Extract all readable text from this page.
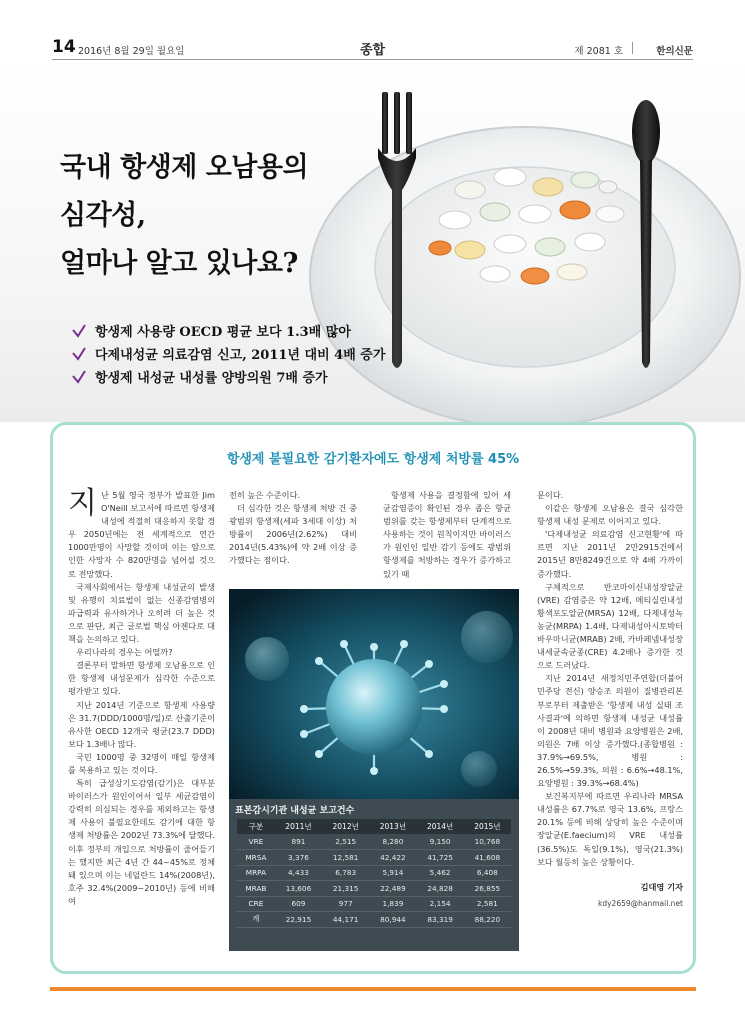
14 2016년 8월 29일 월요일	종합	제 2081 호	한의신문
국내 항생제 오남용의
심각성,
얼마나 알고 있나요?
항생제 사용량 OECD 평균 보다 1.3배 많아
다제내성균 의료감염 신고, 2011년 대비 4배 증가
항생제 내성균 내성률 양방의원 7배 증가
항생제 불필요한 감기환자에도 항생제 처방률 45%

지난 5월 영국 정부가 발표한 Jim O'Neill 보고서에 따르면 항생제 내성에 적절히 대응하지 못할 경우 2050년에는 전 세계적으로 연간 1000만명이 사망할 것이며 이는 암으로 인한 사망자 수 820만명을 넘어설 것으로 전망했다.

국제사회에서는 항생제 내성균의 발생 및 유행이 치료법이 없는 신종감염병의 파급력과 유사하거나 오히려 더 높은 것으로 판단, 최근 글로벌 핵심 아젠다로 대책을 논의하고 있다.

우리나라의 경우는 어떨까?

결론부터 말하면 항생제 오남용으로 인한 항생제 내성문제가 심각한 수준으로 평가받고 있다.

지난 2014년 기준으로 항생제 사용량은 31.7(DDD/1000명/일)로 산출기준이 유사한 OECD 12개국 평균(23.7 DDD) 보다 1.3배나 많다.

국민 1000명 중 32명이 매일 항생제를 복용하고 있는 것이다.

특히 급성상기도감염(감기)은 대부분 바이러스가 원인이어서 일부 세균감염이 강력히 의심되는 경우를 제외하고는 항생제 사용이 불필요한데도 감기에 대한 항생제 처방률은 2002년 73.3%에 달했다. 이후 정부의 개입으로 처방률이 줄어들기는 했지만 최근 4년 간 44~45%로 정체돼 있으며 이는 네덜란드 14%(2008년), 호주 32.4%(2009~2010년) 등에 비해 여

전히 높은 수준이다.

더 심각한 것은 항생제 처방 건 중 광범위 항생제(세파 3세대 이상) 처방률이 2006년(2.62%) 대비 2014년(5.43%)에 약 2배 이상 증가했다는 점이다.

항생제 사용을 결정함에 있어 세균감염증이 확인된 경우 좁은 항균범위를 갖는 항생제부터 단계적으로 사용하는 것이 원칙이지만 바이러스가 원인인 일반 감기 등에도 광범위 항생제를 처방하는 경우가 증가하고 있기 때

문이다.

이같은 항생제 오남용은 결국 심각한 항생제 내성 문제로 이어지고 있다.

'다제내성균 의료감염 신고현황'에 따르면 지난 2011년 2만2915건에서 2015년 8만8249건으로 약 4배 가까이 증가했다.

구체적으로 반코마이신내성장알균(VRE) 감염증은 약 12배, 메티실린내성황색포도알균(MRSA) 12배, 다제내성녹농균(MRPA) 1.4배, 다제내성아시토박터바우마니균(MRAB) 2배, 카바페넴내성장내세균속균종(CRE) 4.2배나 증가한 것으로 드러났다.

지난 2014년 새정치민주연합(더불어민주당 전신) 양승조 의원이 질병관리본부로부터 제출받은 '항생제 내성 실태 조사결과'에 의하면 항생제 내성균 내성률이 2008년 대비 병원과 요양병원은 2배, 의원은 7배 이상 증가했다.(종합병원 : 37.9%→69.5%, 병원 : 26.5%→59.3%, 의원 : 6.6%→48.1%, 요양병원 : 39.3%→68.4%)

보건복지부에 따르면 우리나라 MRSA 내성률은 67.7%로 영국 13.6%, 프랑스 20.1% 등에 비해 상당히 높은 수준이며 장알균(E.faecium)의 VRE 내성률(36.5%)도 독일(9.1%), 영국(21.3%) 보다 월등히 높은 상황이다.

김대영 기자
kdy2659@hanmail.net
표본감시기관 내성균 보고건수
구분	2011년	2012년	2013년	2014년	2015년
VRE	891	2,515	8,280	9,150	10,768
MRSA	3,376	12,581	42,422	41,725	41,608
MRPA	4,433	6,783	5,914	5,462	6,408
MRAB	13,606	21,315	22,489	24,828	26,855
CRE	609	977	1,839	2,154	2,581
계	22,915	44,171	80,944	83,319	88,220
